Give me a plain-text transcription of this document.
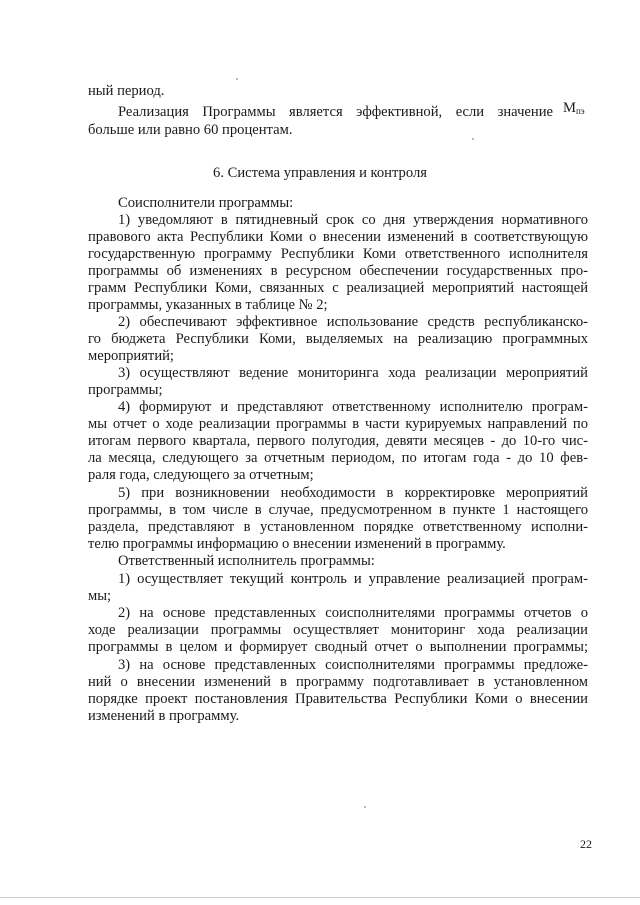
ный период.
Реализация Программы является эффективной, если значение $М_{пэ}$
больше или равно 60 процентам.
6. Система управления и контроля
Соисполнители программы:
1) уведомляют в пятидневный срок со дня утверждения нормативного
правового акта Республики Коми о внесении изменений в соответствующую
государственную программу Республики Коми ответственного исполнителя
программы об изменениях в ресурсном обеспечении государственных про-
грамм Республики Коми, связанных с реализацией мероприятий настоящей
программы, указанных в таблице № 2;
2) обеспечивают эффективное использование средств республиканско-
го бюджета Республики Коми, выделяемых на реализацию программных
мероприятий;
3) осуществляют ведение мониторинга хода реализации мероприятий
программы;
4) формируют и представляют ответственному исполнителю програм-
мы отчет о ходе реализации программы в части курируемых направлений по
итогам первого квартала, первого полугодия, девяти месяцев - до 10-го чис-
ла месяца, следующего за отчетным периодом, по итогам года - до 10 фев-
раля года, следующего за отчетным;
5) при возникновении необходимости в корректировке мероприятий
программы, в том числе в случае, предусмотренном в пункте 1 настоящего
раздела, представляют в установленном порядке ответственному исполни-
телю программы информацию о внесении изменений в программу.
Ответственный исполнитель программы:
1) осуществляет текущий контроль и управление реализацией програм-
мы;
2) на основе представленных соисполнителями программы отчетов о
ходе реализации программы осуществляет мониторинг хода реализации
программы в целом и формирует сводный отчет о выполнении программы;
3) на основе представленных соисполнителями программы предложе-
ний о внесении изменений в программу подготавливает в установленном
порядке проект постановления Правительства Республики Коми о внесении
изменений в программу.
22
